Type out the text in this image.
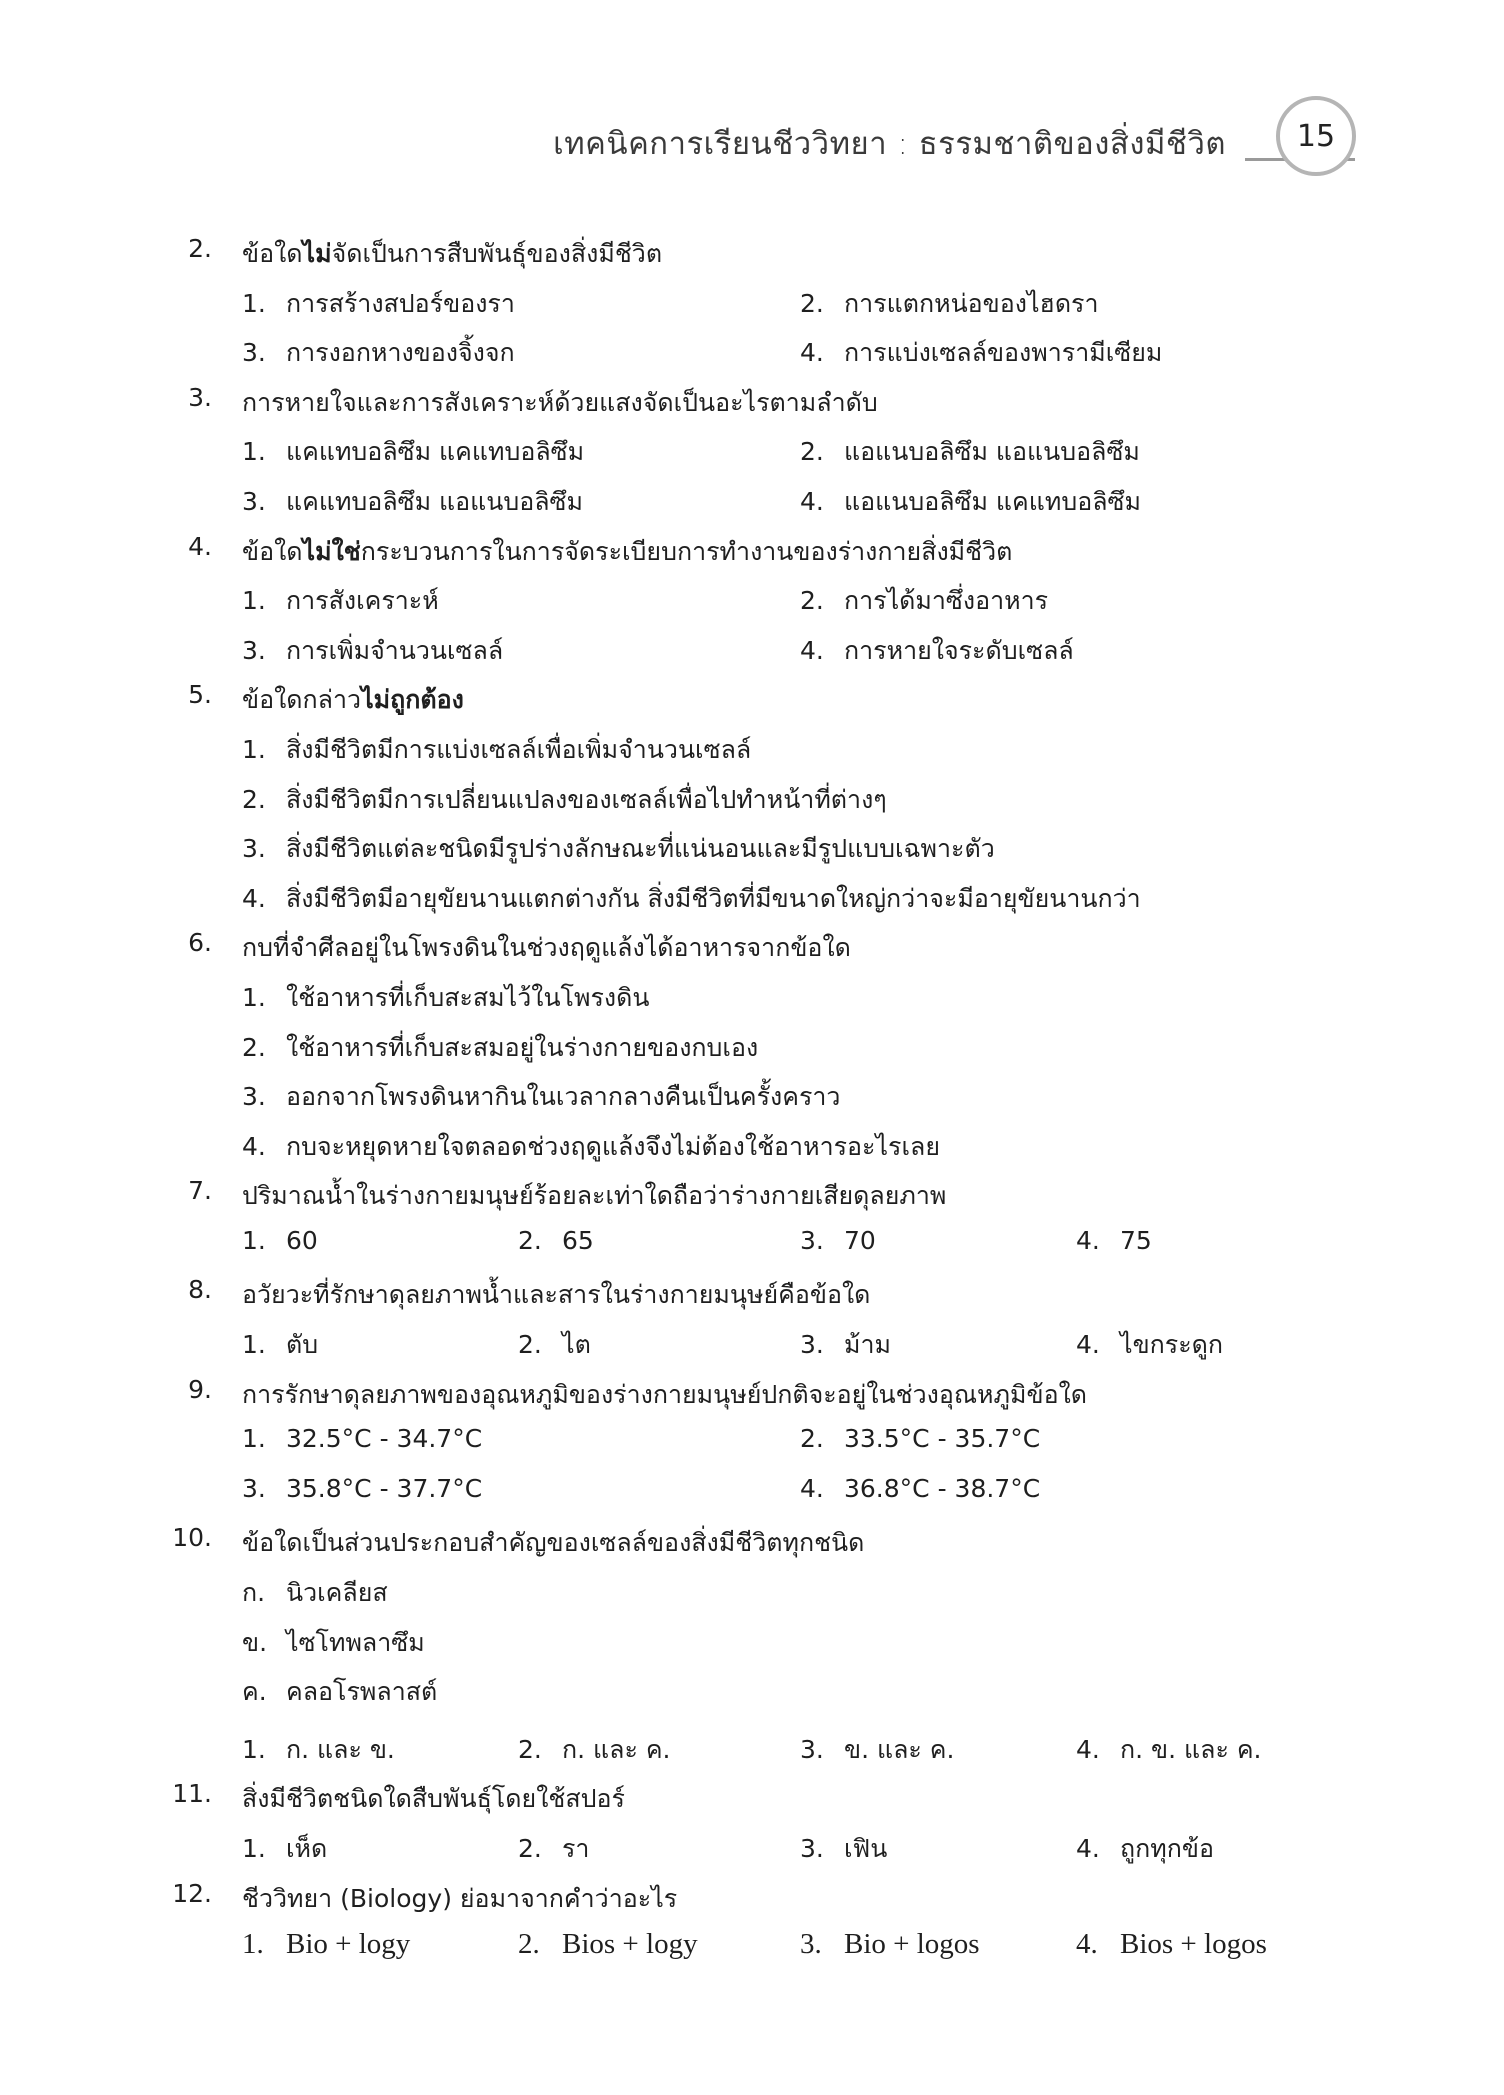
เทคนิคการเรียนชีววิทยา : ธรรมชาติของสิ่งมีชีวิต	15
2. ข้อใดไม่จัดเป็นการสืบพันธุ์ของสิ่งมีชีวิต
1. การสร้างสปอร์ของรา	2. การแตกหน่อของไฮดรา
3. การงอกหางของจิ้งจก	4. การแบ่งเซลล์ของพารามีเซียม
3. การหายใจและการสังเคราะห์ด้วยแสงจัดเป็นอะไรตามลำดับ
1. แคแทบอลิซึม แคแทบอลิซึม	2. แอแนบอลิซึม แอแนบอลิซึม
3. แคแทบอลิซึม แอแนบอลิซึม	4. แอแนบอลิซึม แคแทบอลิซึม
4. ข้อใดไม่ใช่กระบวนการในการจัดระเบียบการทำงานของร่างกายสิ่งมีชีวิต
1. การสังเคราะห์	2. การได้มาซึ่งอาหาร
3. การเพิ่มจำนวนเซลล์	4. การหายใจระดับเซลล์
5. ข้อใดกล่าวไม่ถูกต้อง
1. สิ่งมีชีวิตมีการแบ่งเซลล์เพื่อเพิ่มจำนวนเซลล์
2. สิ่งมีชีวิตมีการเปลี่ยนแปลงของเซลล์เพื่อไปทำหน้าที่ต่างๆ
3. สิ่งมีชีวิตแต่ละชนิดมีรูปร่างลักษณะที่แน่นอนและมีรูปแบบเฉพาะตัว
4. สิ่งมีชีวิตมีอายุขัยนานแตกต่างกัน สิ่งมีชีวิตที่มีขนาดใหญ่กว่าจะมีอายุขัยนานกว่า
6. กบที่จำศีลอยู่ในโพรงดินในช่วงฤดูแล้งได้อาหารจากข้อใด
1. ใช้อาหารที่เก็บสะสมไว้ในโพรงดิน
2. ใช้อาหารที่เก็บสะสมอยู่ในร่างกายของกบเอง
3. ออกจากโพรงดินหากินในเวลากลางคืนเป็นครั้งคราว
4. กบจะหยุดหายใจตลอดช่วงฤดูแล้งจึงไม่ต้องใช้อาหารอะไรเลย
7. ปริมาณน้ำในร่างกายมนุษย์ร้อยละเท่าใดถือว่าร่างกายเสียดุลยภาพ
1. 60	2. 65	3. 70	4. 75
8. อวัยวะที่รักษาดุลยภาพน้ำและสารในร่างกายมนุษย์คือข้อใด
1. ตับ	2. ไต	3. ม้าม	4. ไขกระดูก
9. การรักษาดุลยภาพของอุณหภูมิของร่างกายมนุษย์ปกติจะอยู่ในช่วงอุณหภูมิข้อใด
1. 32.5°C - 34.7°C	2. 33.5°C - 35.7°C
3. 35.8°C - 37.7°C	4. 36.8°C - 38.7°C
10. ข้อใดเป็นส่วนประกอบสำคัญของเซลล์ของสิ่งมีชีวิตทุกชนิด
ก. นิวเคลียส
ข. ไซโทพลาซึม
ค. คลอโรพลาสต์
1. ก. และ ข.	2. ก. และ ค.	3. ข. และ ค.	4. ก. ข. และ ค.
11. สิ่งมีชีวิตชนิดใดสืบพันธุ์โดยใช้สปอร์
1. เห็ด	2. รา	3. เฟิน	4. ถูกทุกข้อ
12. ชีววิทยา (Biology) ย่อมาจากคำว่าอะไร
1. Bio + logy	2. Bios + logy	3. Bio + logos	4. Bios + logos
